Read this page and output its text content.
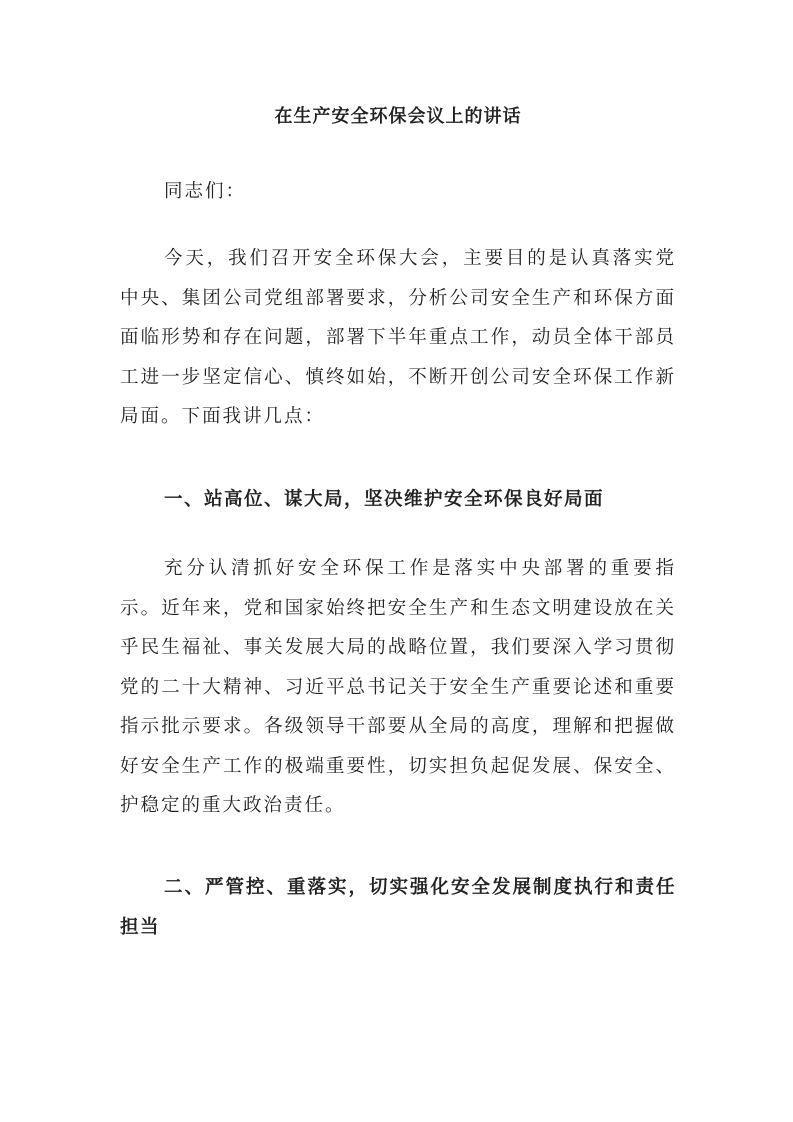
在生产安全环保会议上的讲话

同志们：

今天，我们召开安全环保大会，主要目的是认真落实党中央、集团公司党组部署要求，分析公司安全生产和环保方面面临形势和存在问题，部署下半年重点工作，动员全体干部员工进一步坚定信心、慎终如始，不断开创公司安全环保工作新局面。下面我讲几点：

一、站高位、谋大局，坚决维护安全环保良好局面

充分认清抓好安全环保工作是落实中央部署的重要指示。近年来，党和国家始终把安全生产和生态文明建设放在关乎民生福祉、事关发展大局的战略位置，我们要深入学习贯彻党的二十大精神、习近平总书记关于安全生产重要论述和重要指示批示要求。各级领导干部要从全局的高度，理解和把握做好安全生产工作的极端重要性，切实担负起促发展、保安全、护稳定的重大政治责任。

二、严管控、重落实，切实强化安全发展制度执行和责任担当
